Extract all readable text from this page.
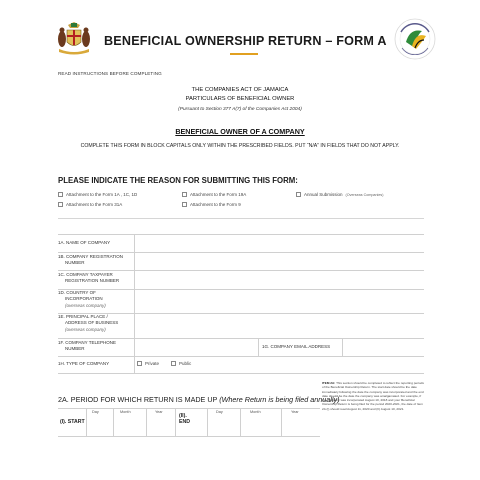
BENEFICIAL OWNERSHIP RETURN – FORM A
READ INSTRUCTIONS BEFORE COMPLETING
THE COMPANIES ACT OF JAMAICA
PARTICULARS OF BENEFICIAL OWNER
(Pursuant to Section 377 A(7) of the Companies Act 2004)
BENEFICIAL OWNER OF A COMPANY
COMPLETE THIS FORM IN BLOCK CAPITALS ONLY WITHIN THE PRESCRIBED FIELDS. PUT “N/A” IN FIELDS THAT DO NOT APPLY.
PLEASE INDICATE THE REASON FOR SUBMITTING THIS FORM:
Attachment to the Form 1A , 1C, 1D	Attachment to the Form 19A	Annual Submission (Overseas Companies)
Attachment to the Form 31A	Attachment to the Form 9
1A. NAME OF COMPANY
1B. COMPANY REGISTRATION
NUMBER
1C. COMPANY TAXPAYER
REGISTRATION NUMBER
1D. COUNTRY OF
INCORPORATION
(overseas company)
1E. PRINCIPAL PLACE /
ADDRESS OF BUSINESS
(overseas company)
1F. COMPANY TELEPHONE
NUMBER	1G. COMPANY EMAIL ADDRESS
1H. TYPE OF COMPANY	Private	Public
2A. PERIOD FOR WHICH RETURN IS MADE UP (Where Return is being filed annually)
(I). START
Day	Month	Year
(II).
END
Day	Month	Year
ITEM 2A: This section should be completed to reflect the reporting periods of the Beneficial Ownership Return. The start date should be the date immediately following the date the company was incorporated and the end date should be the date the company was amalgamated. For example, if the company was incorporated August 10, 2018 and your Beneficial Ownership Return is being filed for the period 2020-2021, the date of Item 2A (I) should read August 11, 2020 and (II) August 10, 2021.
